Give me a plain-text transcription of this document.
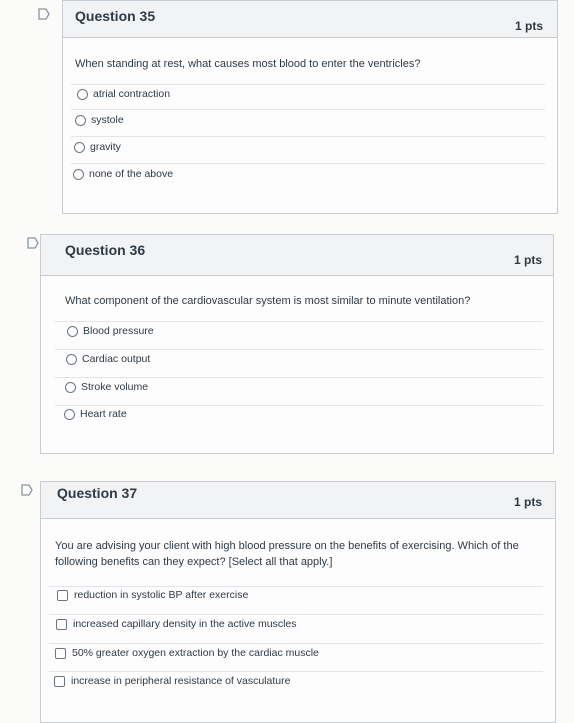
Question 35
1 pts
When standing at rest, what causes most blood to enter the ventricles?
atrial contraction
systole
gravity
none of the above
Question 36
1 pts
What component of the cardiovascular system is most similar to minute ventilation?
Blood pressure
Cardiac output
Stroke volume
Heart rate
Question 37
1 pts
You are advising your client with high blood pressure on the benefits of exercising. Which of the following benefits can they expect? [Select all that apply.]
reduction in systolic BP after exercise
increased capillary density in the active muscles
50% greater oxygen extraction by the cardiac muscle
increase in peripheral resistance of vasculature
